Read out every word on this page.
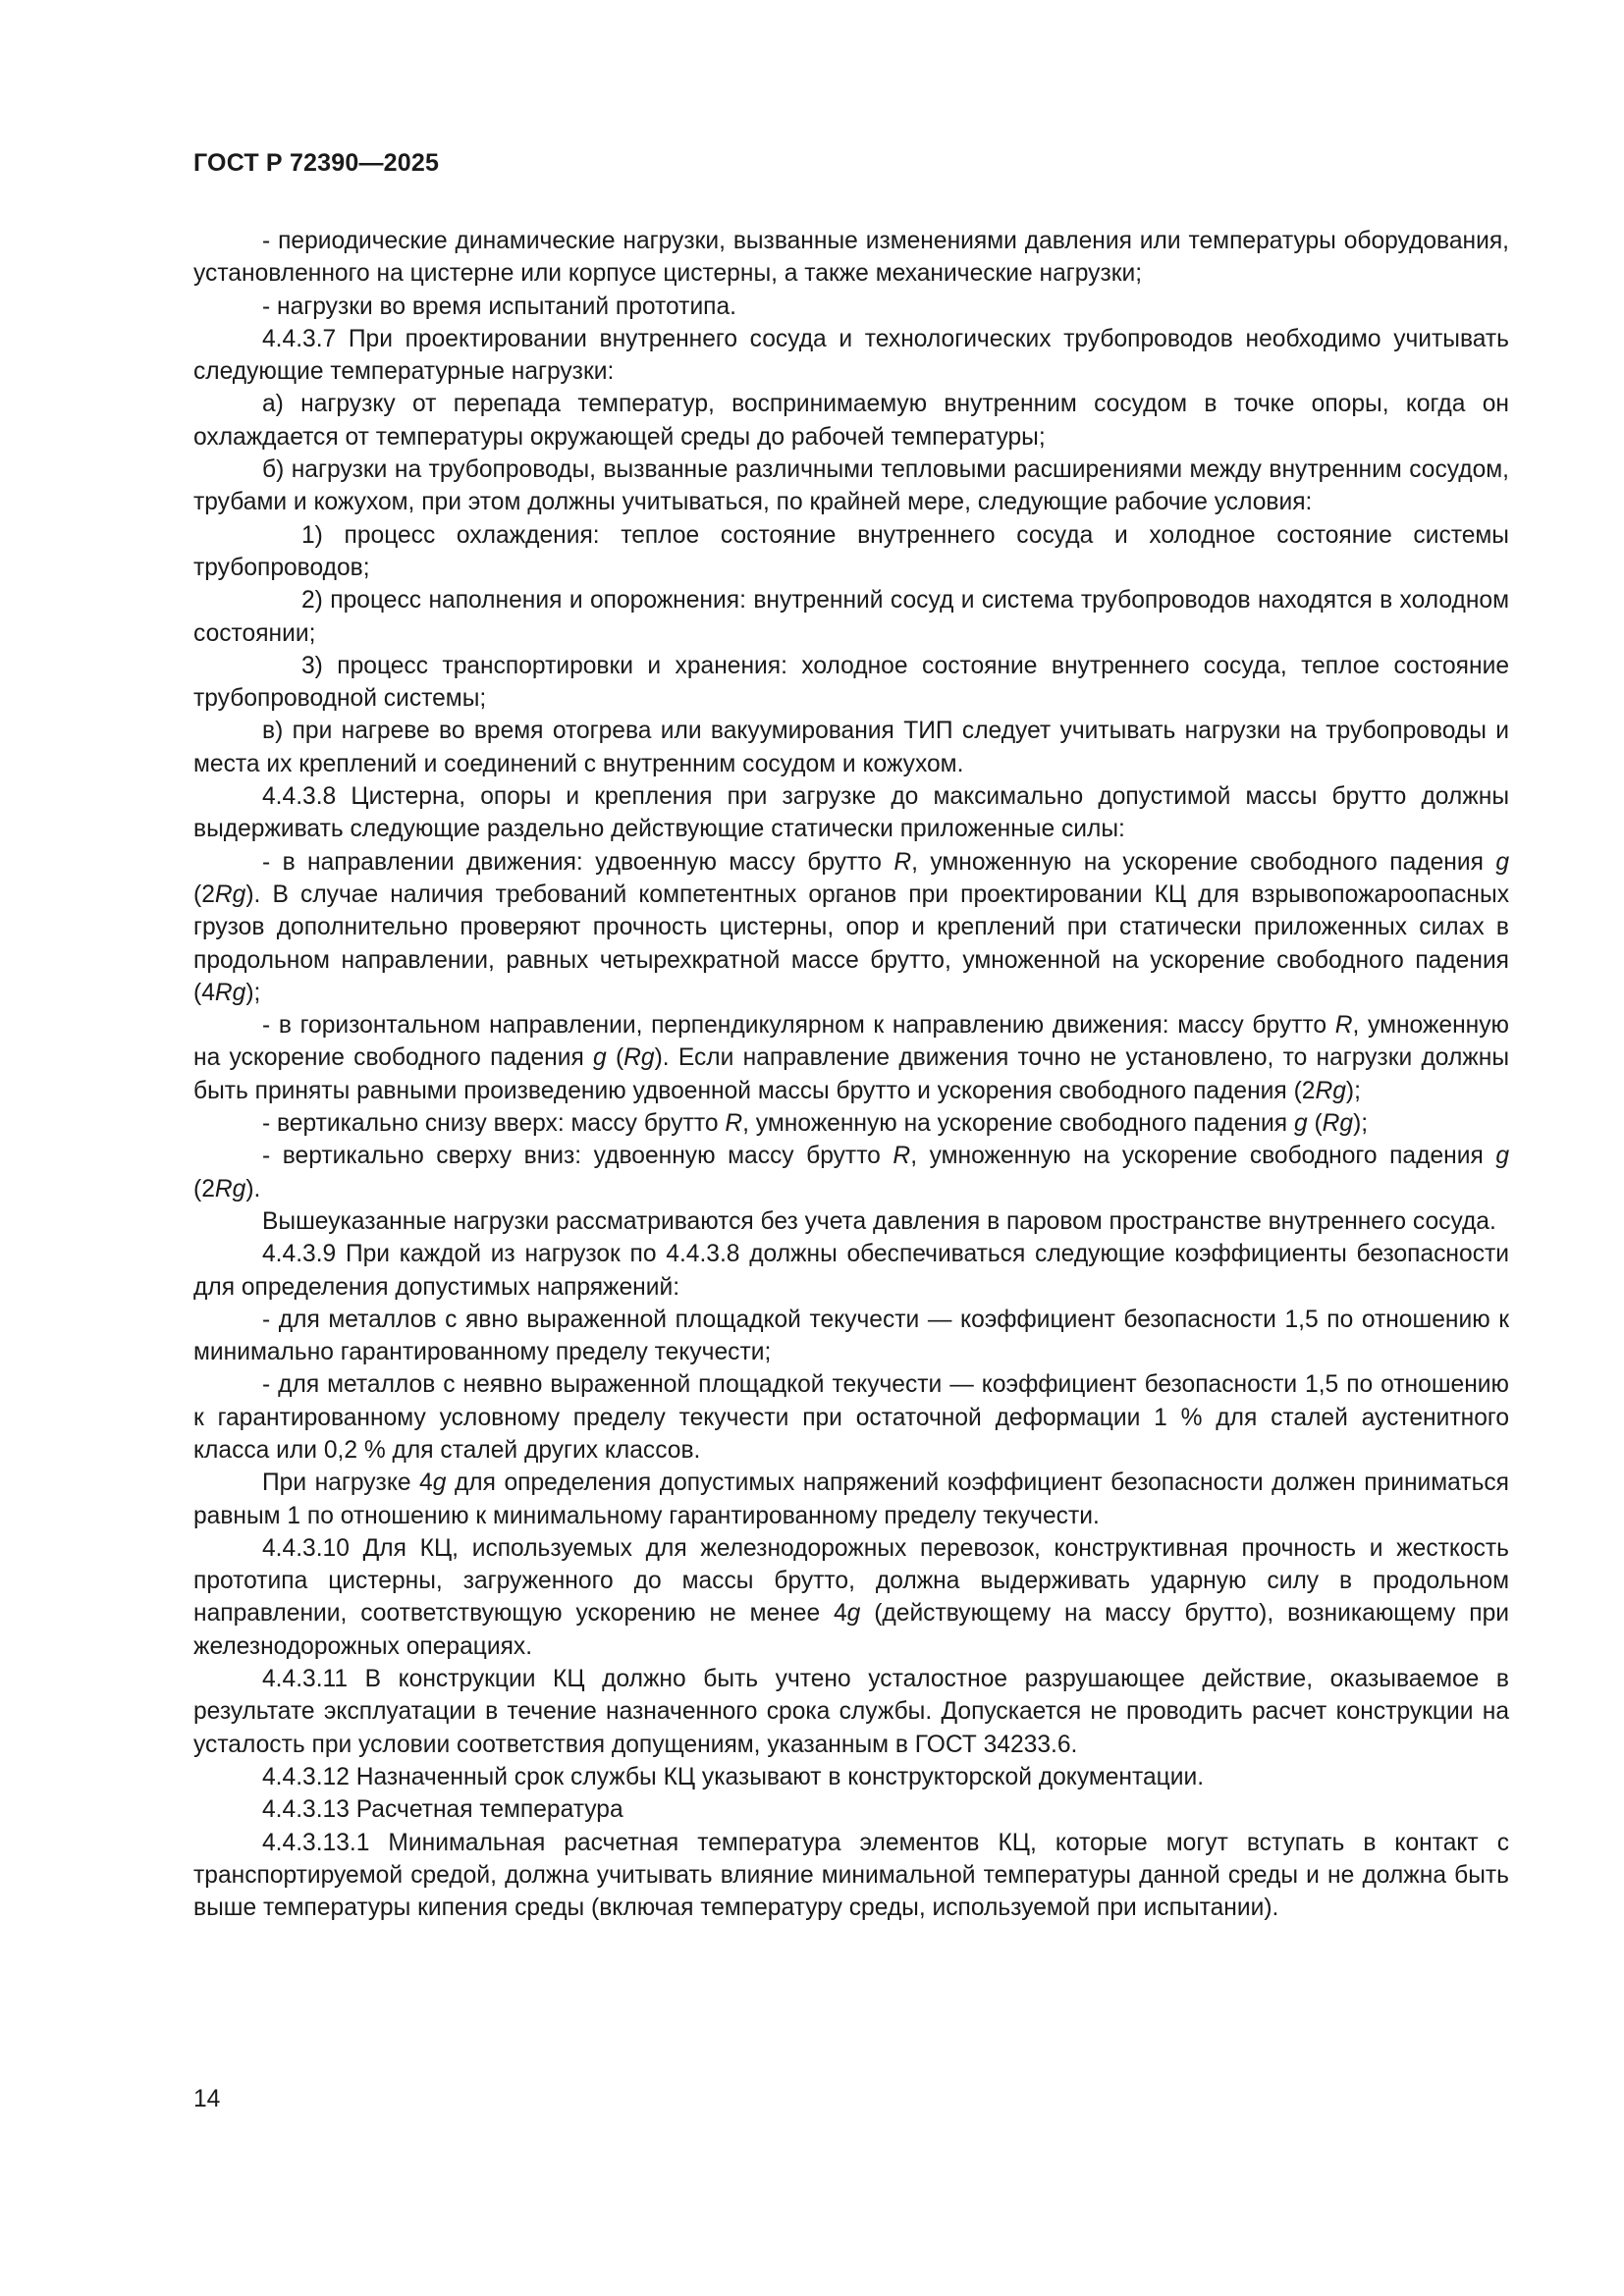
ГОСТ Р 72390—2025

- периодические динамические нагрузки, вызванные изменениями давления или температуры оборудования, установленного на цистерне или корпусе цистерны, а также механические нагрузки;

- нагрузки во время испытаний прототипа.

4.4.3.7 При проектировании внутреннего сосуда и технологических трубопроводов необходимо учитывать следующие температурные нагрузки:

а) нагрузку от перепада температур, воспринимаемую внутренним сосудом в точке опоры, когда он охлаждается от температуры окружающей среды до рабочей температуры;

б) нагрузки на трубопроводы, вызванные различными тепловыми расширениями между внутренним сосудом, трубами и кожухом, при этом должны учитываться, по крайней мере, следующие рабочие условия:

1) процесс охлаждения: теплое состояние внутреннего сосуда и холодное состояние системы трубопроводов;

2) процесс наполнения и опорожнения: внутренний сосуд и система трубопроводов находятся в холодном состоянии;

3) процесс транспортировки и хранения: холодное состояние внутреннего сосуда, теплое состояние трубопроводной системы;

в) при нагреве во время отогрева или вакуумирования ТИП следует учитывать нагрузки на трубопроводы и места их креплений и соединений с внутренним сосудом и кожухом.

4.4.3.8 Цистерна, опоры и крепления при загрузке до максимально допустимой массы брутто должны выдерживать следующие раздельно действующие статически приложенные силы:

- в направлении движения: удвоенную массу брутто R, умноженную на ускорение свободного падения g (2Rg). В случае наличия требований компетентных органов при проектировании КЦ для взрывопожароопасных грузов дополнительно проверяют прочность цистерны, опор и креплений при статически приложенных силах в продольном направлении, равных четырехкратной массе брутто, умноженной на ускорение свободного падения (4Rg);

- в горизонтальном направлении, перпендикулярном к направлению движения: массу брутто R, умноженную на ускорение свободного падения g (Rg). Если направление движения точно не установлено, то нагрузки должны быть приняты равными произведению удвоенной массы брутто и ускорения свободного падения (2Rg);

- вертикально снизу вверх: массу брутто R, умноженную на ускорение свободного падения g (Rg);

- вертикально сверху вниз: удвоенную массу брутто R, умноженную на ускорение свободного падения g (2Rg).

Вышеуказанные нагрузки рассматриваются без учета давления в паровом пространстве внутреннего сосуда.

4.4.3.9 При каждой из нагрузок по 4.4.3.8 должны обеспечиваться следующие коэффициенты безопасности для определения допустимых напряжений:

- для металлов с явно выраженной площадкой текучести — коэффициент безопасности 1,5 по отношению к минимально гарантированному пределу текучести;

- для металлов с неявно выраженной площадкой текучести — коэффициент безопасности 1,5 по отношению к гарантированному условному пределу текучести при остаточной деформации 1 % для сталей аустенитного класса или 0,2 % для сталей других классов.

При нагрузке 4g для определения допустимых напряжений коэффициент безопасности должен приниматься равным 1 по отношению к минимальному гарантированному пределу текучести.

4.4.3.10 Для КЦ, используемых для железнодорожных перевозок, конструктивная прочность и жесткость прототипа цистерны, загруженного до массы брутто, должна выдерживать ударную силу в продольном направлении, соответствующую ускорению не менее 4g (действующему на массу брутто), возникающему при железнодорожных операциях.

4.4.3.11 В конструкции КЦ должно быть учтено усталостное разрушающее действие, оказываемое в результате эксплуатации в течение назначенного срока службы. Допускается не проводить расчет конструкции на усталость при условии соответствия допущениям, указанным в ГОСТ 34233.6.

4.4.3.12 Назначенный срок службы КЦ указывают в конструкторской документации.

4.4.3.13 Расчетная температура

4.4.3.13.1 Минимальная расчетная температура элементов КЦ, которые могут вступать в контакт с транспортируемой средой, должна учитывать влияние минимальной температуры данной среды и не должна быть выше температуры кипения среды (включая температуру среды, используемой при испытании).

14
